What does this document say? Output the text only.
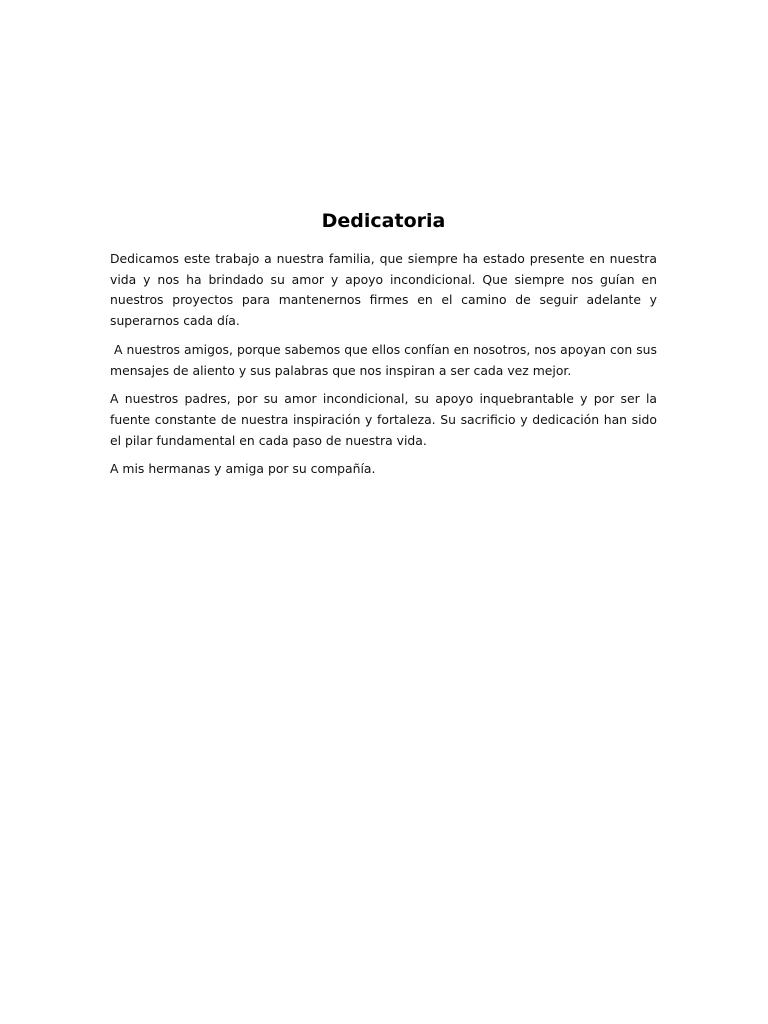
Dedicatoria

Dedicamos este trabajo a nuestra familia, que siempre ha estado presente en nuestra vida y nos ha brindado su amor y apoyo incondicional. Que siempre nos guían en nuestros proyectos para mantenernos firmes en el camino de seguir adelante y superarnos cada día.

A nuestros amigos, porque sabemos que ellos confían en nosotros, nos apoyan con sus mensajes de aliento y sus palabras que nos inspiran a ser cada vez mejor.

A nuestros padres, por su amor incondicional, su apoyo inquebrantable y por ser la fuente constante de nuestra inspiración y fortaleza. Su sacrificio y dedicación han sido el pilar fundamental en cada paso de nuestra vida.

A mis hermanas y amiga por su compañía.
